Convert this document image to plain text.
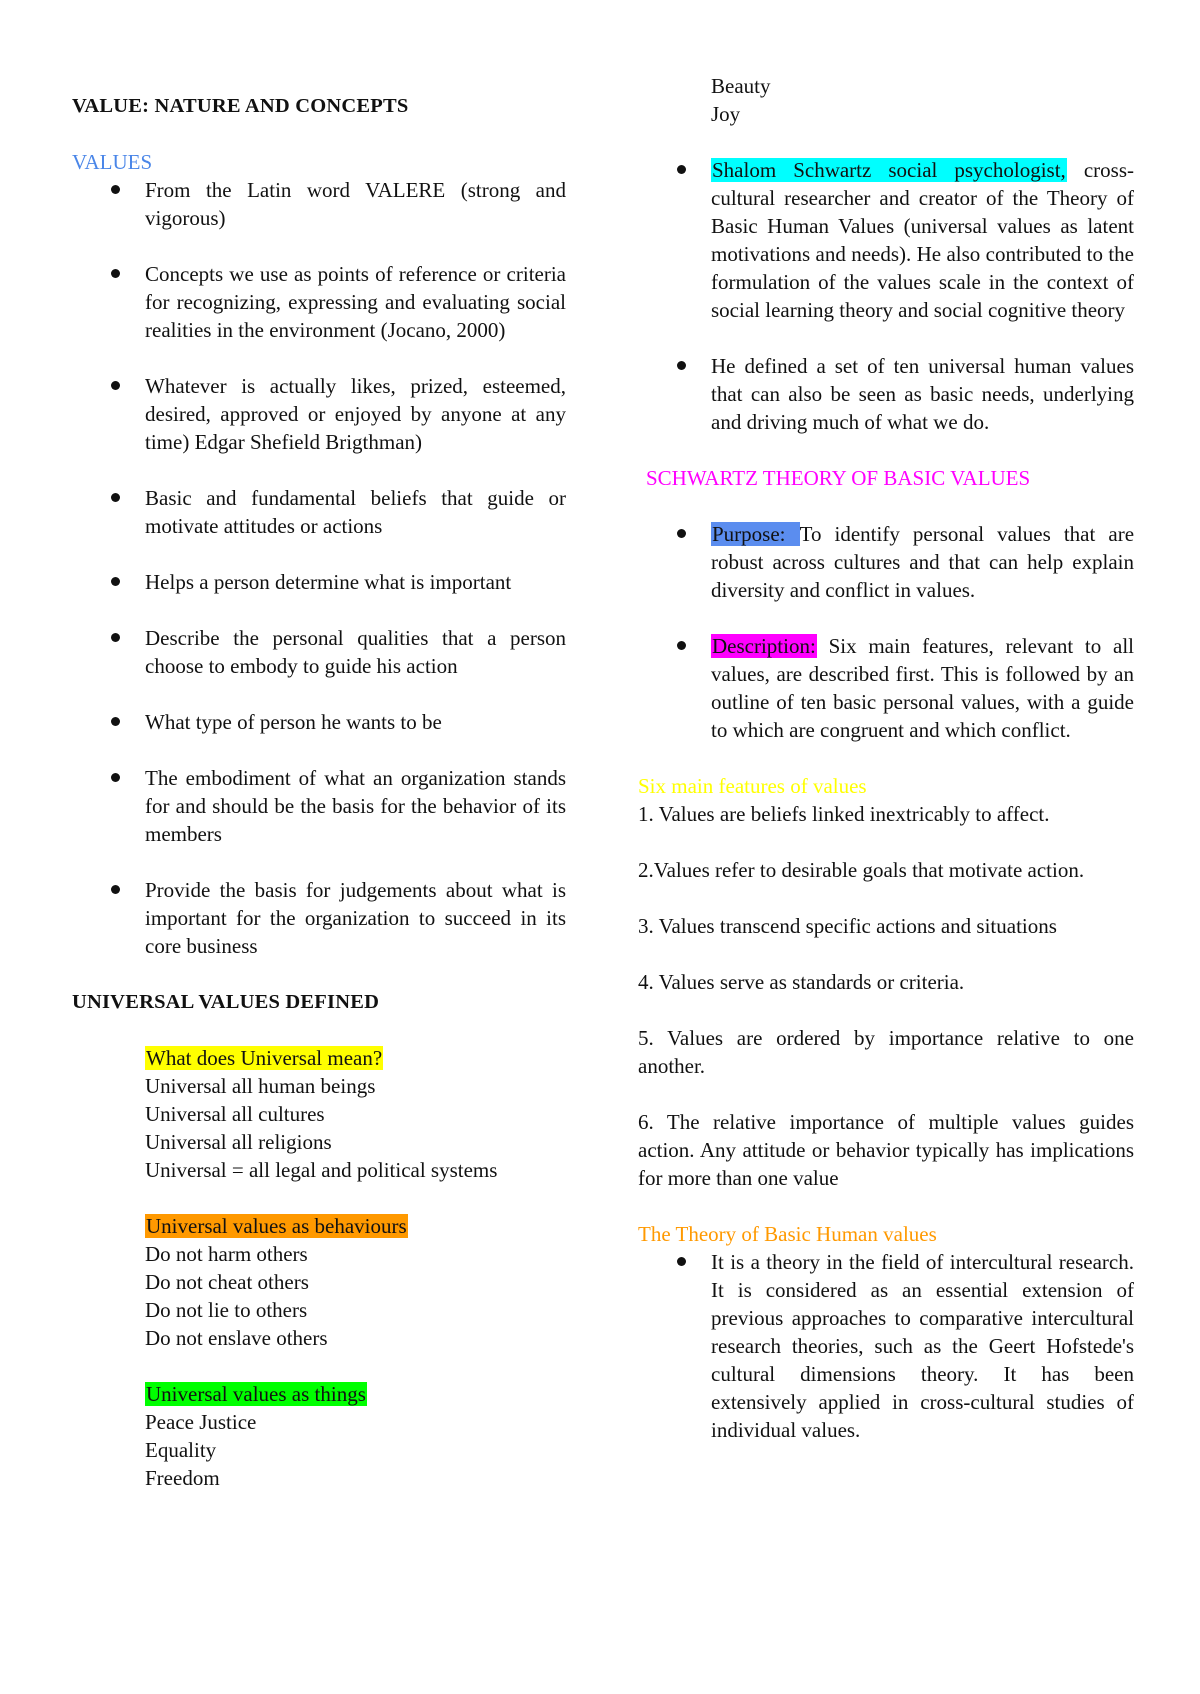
VALUE: NATURE AND CONCEPTS
VALUES
From the Latin word VALERE (strong and vigorous)
Concepts we use as points of reference or criteria for recognizing, expressing and evaluating social realities in the environment (Jocano, 2000)
Whatever is actually likes, prized, esteemed, desired, approved or enjoyed by anyone at any time) Edgar Shefield Brigthman)
Basic and fundamental beliefs that guide or motivate attitudes or actions
Helps a person determine what is important
Describe the personal qualities that a person choose to embody to guide his action
What type of person he wants to be
The embodiment of what an organization stands for and should be the basis for the behavior of its members
Provide the basis for judgements about what is important for the organization to succeed in its core business
UNIVERSAL VALUES DEFINED
What does Universal mean?
Universal all human beings
Universal all cultures
Universal all religions
Universal = all legal and political systems
Universal values as behaviours
Do not harm others
Do not cheat others
Do not lie to others
Do not enslave others
Universal values as things
Peace Justice
Equality
Freedom
Beauty
Joy
Shalom Schwartz social psychologist, cross-cultural researcher and creator of the Theory of Basic Human Values (universal values as latent motivations and needs). He also contributed to the formulation of the values scale in the context of social learning theory and social cognitive theory
He defined a set of ten universal human values that can also be seen as basic needs, underlying and driving much of what we do.
SCHWARTZ THEORY OF BASIC VALUES
Purpose: To identify personal values that are robust across cultures and that can help explain diversity and conflict in values.
Description: Six main features, relevant to all values, are described first. This is followed by an outline of ten basic personal values, with a guide to which are congruent and which conflict.
Six main features of values

1. Values are beliefs linked inextricably to affect.

2.Values refer to desirable goals that motivate action.

3. Values transcend specific actions and situations

4. Values serve as standards or criteria.

5. Values are ordered by importance relative to one another.

6. The relative importance of multiple values guides action. Any attitude or behavior typically has implications for more than one value

The Theory of Basic Human values
It is a theory in the field of intercultural research. It is considered as an essential extension of previous approaches to comparative intercultural research theories, such as the Geert Hofstede's cultural dimensions theory. It has been extensively applied in cross-cultural studies of individual values.
